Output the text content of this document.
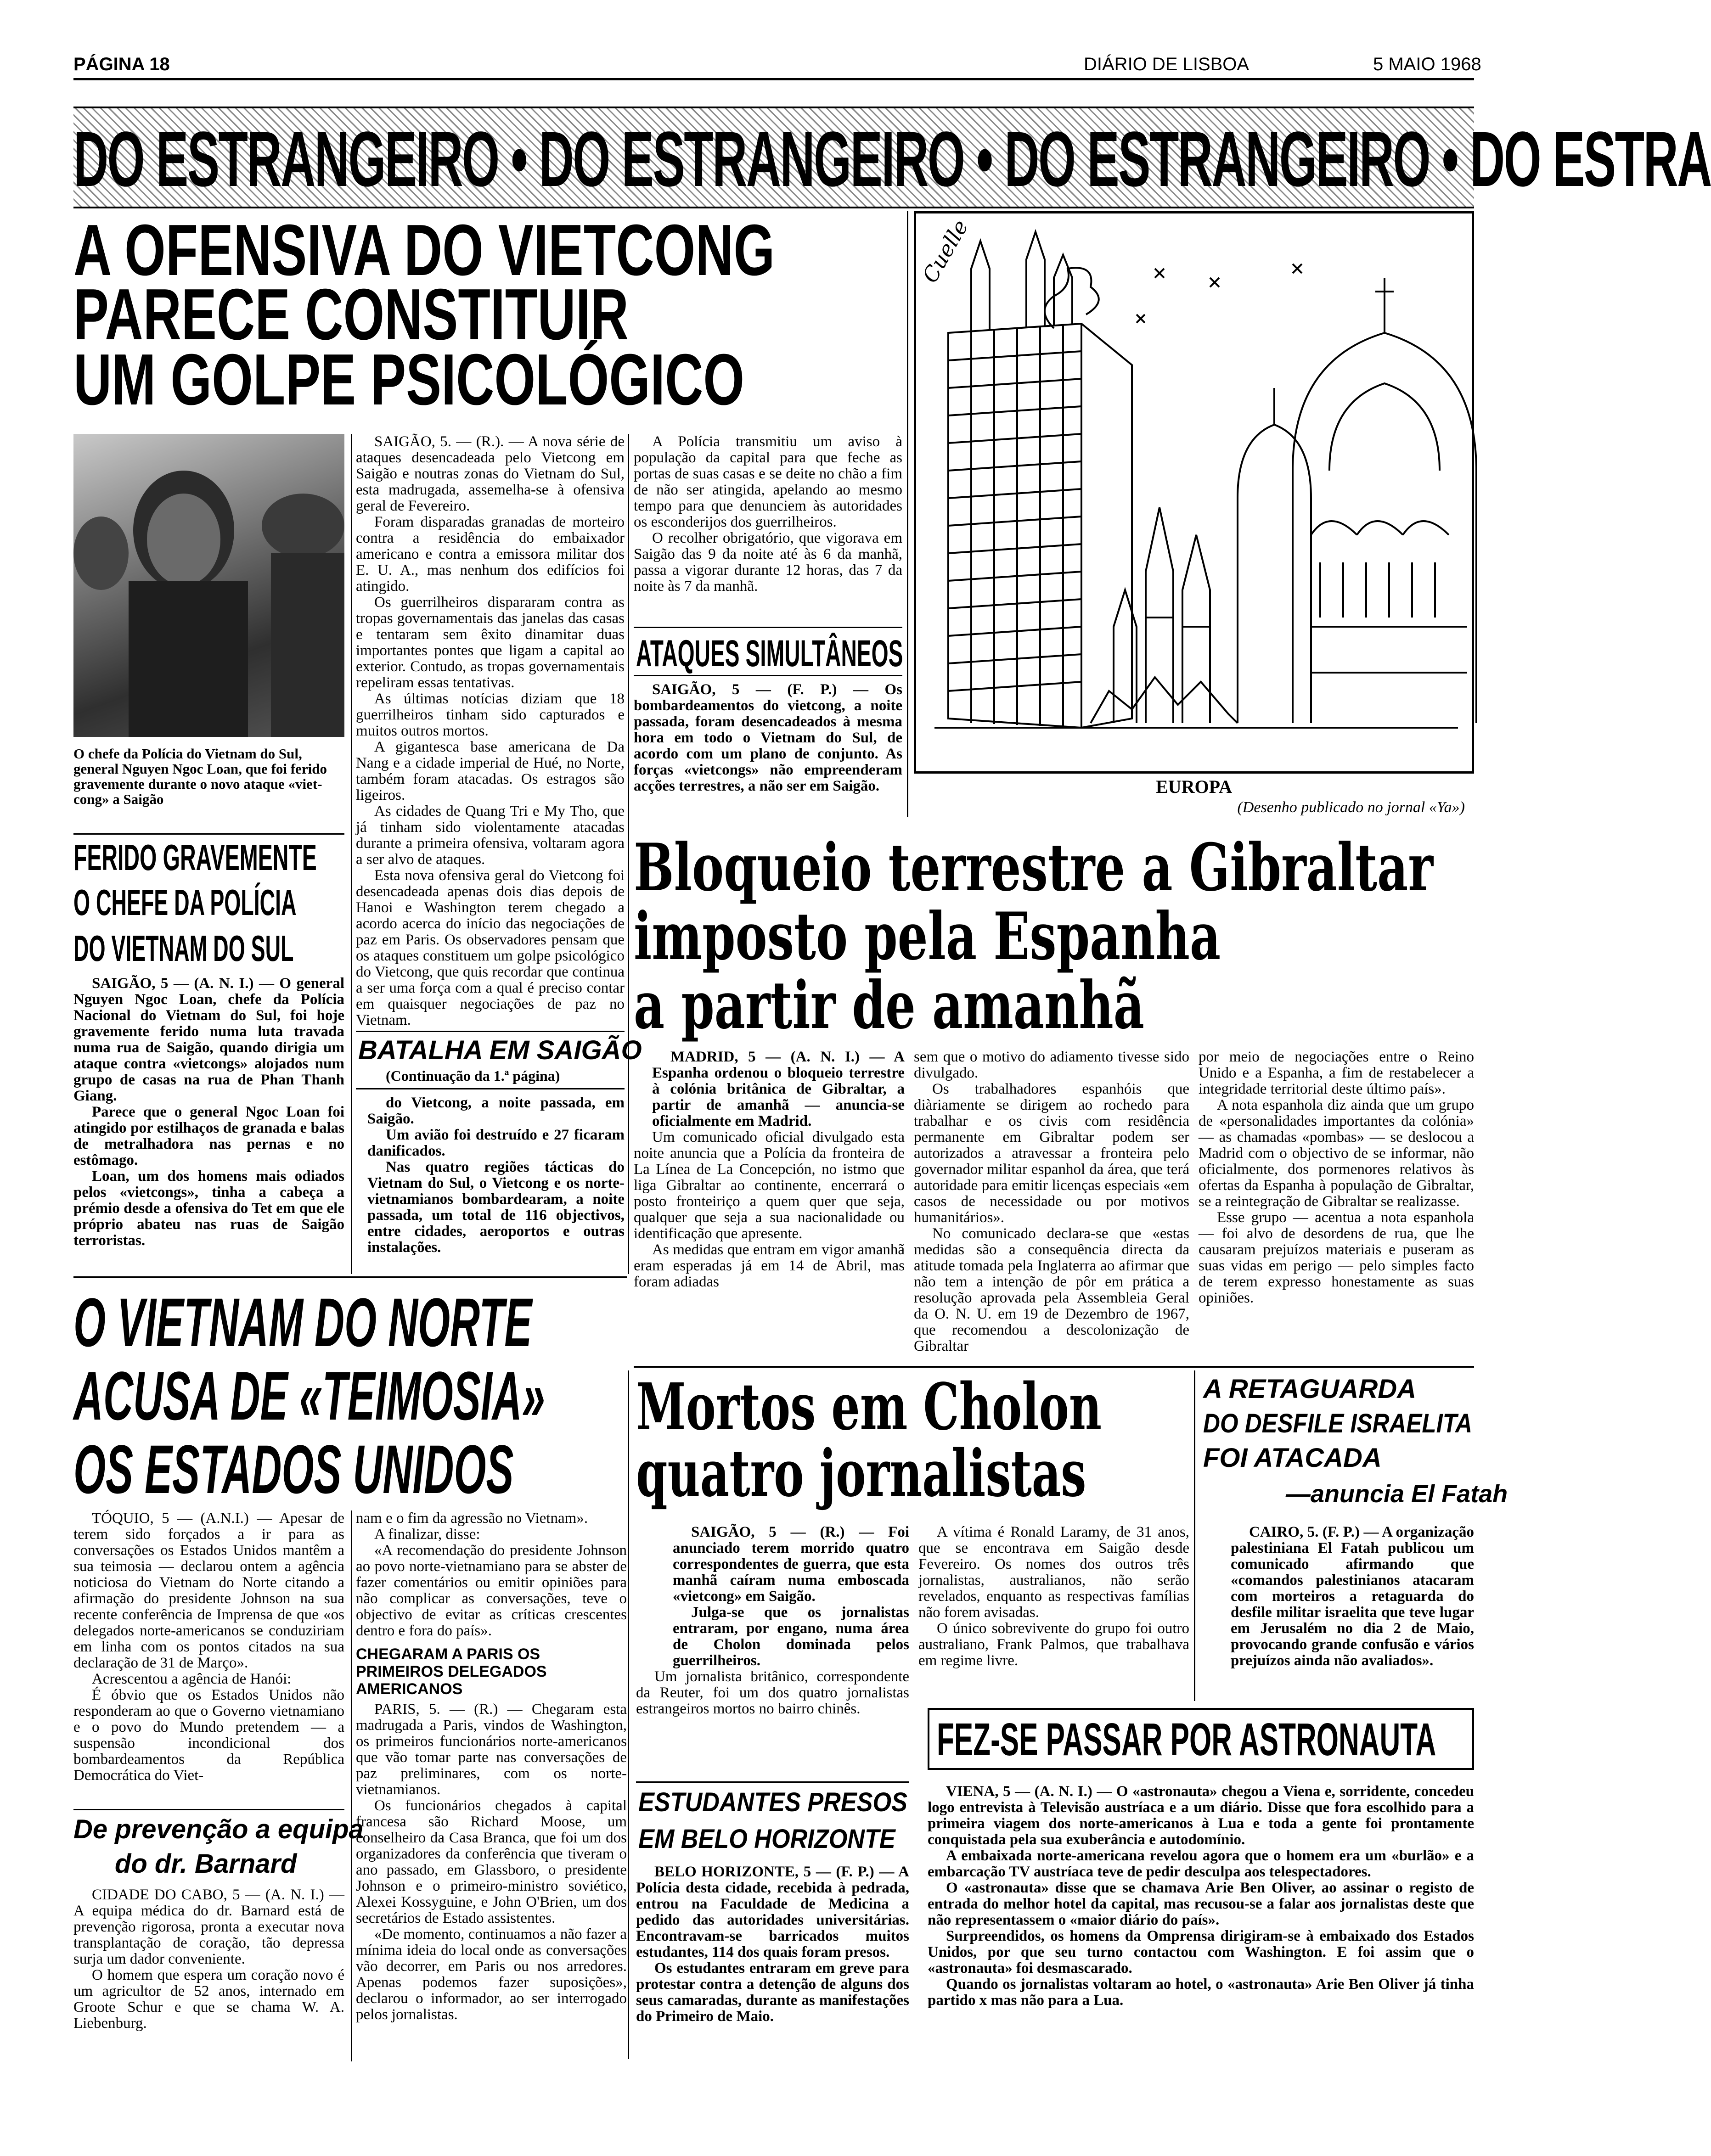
PÁGINA 18	DIÁRIO DE LISBOA	5 MAIO 1968
DO ESTRANGEIRO • DO ESTRANGEIRO • DO ESTRANGEIRO • DO ESTRA
A OFENSIVA DO VIETCONG
PARECE CONSTITUIR
UM GOLPE PSICOLÓGICO
O chefe da Polícia do Vietnam do Sul, general Nguyen Ngoc Loan, que foi ferido gravemente durante o novo ataque «viet-cong» a Saigão

SAIGÃO, 5. — (R.). — A nova série de ataques desencadeada pelo Vietcong em Saigão e noutras zonas do Vietnam do Sul, esta madrugada, assemelha-se à ofensiva geral de Fevereiro.

Foram disparadas granadas de morteiro contra a residência do embaixador americano e contra a emissora militar dos E. U. A., mas nenhum dos edifícios foi atingido.

Os guerrilheiros dispararam contra as tropas governamentais das janelas das casas e tentaram sem êxito dinamitar duas importantes pontes que ligam a capital ao exterior. Contudo, as tropas governamentais repeliram essas tentativas.

As últimas notícias diziam que 18 guerrilheiros tinham sido capturados e muitos outros mortos.

A gigantesca base americana de Da Nang e a cidade imperial de Hué, no Norte, também foram atacadas. Os estragos são ligeiros.

As cidades de Quang Tri e My Tho, que já tinham sido violentamente atacadas durante a primeira ofensiva, voltaram agora a ser alvo de ataques.

Esta nova ofensiva geral do Vietcong foi desencadeada apenas dois dias depois de Hanoi e Washington terem chegado a acordo acerca do início das negociações de paz em Paris. Os observadores pensam que os ataques constituem um golpe psicológico do Vietcong, que quis recordar que continua a ser uma força com a qual é preciso contar em quaisquer negociações de paz no Vietnam.

A Polícia transmitiu um aviso à população da capital para que feche as portas de suas casas e se deite no chão a fim de não ser atingida, apelando ao mesmo tempo para que denunciem às autoridades os esconderijos dos guerrilheiros.

O recolher obrigatório, que vigorava em Saigão das 9 da noite até às 6 da manhã, passa a vigorar durante 12 horas, das 7 da noite às 7 da manhã.

ATAQUES SIMULTÂNEOS

SAIGÃO, 5 — (F. P.) — Os bombardeamentos do vietcong, a noite passada, foram desencadeados à mesma hora em todo o Vietnam do Sul, de acordo com um plano de conjunto. As forças «vietcongs» não empreenderam acções terrestres, a não ser em Saigão.

Cuelle
EUROPA
(Desenho publicado no jornal «Ya»)
FERIDO GRAVEMENTE
O CHEFE DA POLÍCIA
DO VIETNAM DO SUL

SAIGÃO, 5 — (A. N. I.) — O general Nguyen Ngoc Loan, chefe da Polícia Nacional do Vietnam do Sul, foi hoje gravemente ferido numa luta travada numa rua de Saigão, quando dirigia um ataque contra «vietcongs» alojados num grupo de casas na rua de Phan Thanh Giang.

Parece que o general Ngoc Loan foi atingido por estilhaços de granada e balas de metralhadora nas pernas e no estômago.

Loan, um dos homens mais odiados pelos «vietcongs», tinha a cabeça a prémio desde a ofensiva do Tet em que ele próprio abateu nas ruas de Saigão terroristas.

BATALHA EM SAIGÃO
(Continuação da 1.ª página)

do Vietcong, a noite passada, em Saigão.

Um avião foi destruído e 27 ficaram danificados.

Nas quatro regiões tácticas do Vietnam do Sul, o Vietcong e os norte-vietnamianos bombardearam, a noite passada, um total de 116 objectivos, entre cidades, aeroportos e outras instalações.

Bloqueio terrestre a Gibraltar
imposto pela Espanha
a partir de amanhã

MADRID, 5 — (A. N. I.) — A Espanha ordenou o bloqueio terrestre à colónia britânica de Gibraltar, a partir de amanhã — anuncia-se oficialmente em Madrid.

Um comunicado oficial divulgado esta noite anuncia que a Polícia da fronteira de La Línea de La Concepción, no istmo que liga Gibraltar ao continente, encerrará o posto fronteiriço a quem quer que seja, qualquer que seja a sua nacionalidade ou identificação que apresente.

As medidas que entram em vigor amanhã eram esperadas já em 14 de Abril, mas foram adiadas

sem que o motivo do adiamento tivesse sido divulgado.

Os trabalhadores espanhóis que diàriamente se dirigem ao rochedo para trabalhar e os civis com residência permanente em Gibraltar podem ser autorizados a atravessar a fronteira pelo governador militar espanhol da área, que terá autoridade para emitir licenças especiais «em casos de necessidade ou por motivos humanitários».

No comunicado declara-se que «estas medidas são a consequência directa da atitude tomada pela Inglaterra ao afirmar que não tem a intenção de pôr em prática a resolução aprovada pela Assembleia Geral da O. N. U. em 19 de Dezembro de 1967, que recomendou a descolonização de Gibraltar

por meio de negociações entre o Reino Unido e a Espanha, a fim de restabelecer a integridade territorial deste último país».

A nota espanhola diz ainda que um grupo de «personalidades importantes da colónia» — as chamadas «pombas» — se deslocou a Madrid com o objectivo de se informar, não oficialmente, dos pormenores relativos às ofertas da Espanha à população de Gibraltar, se a reintegração de Gibraltar se realizasse.

Esse grupo — acentua a nota espanhola — foi alvo de desordens de rua, que lhe causaram prejuízos materiais e puseram as suas vidas em perigo — pelo simples facto de terem expresso honestamente as suas opiniões.

O VIETNAM DO NORTE
ACUSA DE «TEIMOSIA»
OS ESTADOS UNIDOS

TÓQUIO, 5 — (A.N.I.) — Apesar de terem sido forçados a ir para as conversações os Estados Unidos mantêm a sua teimosia — declarou ontem a agência noticiosa do Vietnam do Norte citando a afirmação do presidente Johnson na sua recente conferência de Imprensa de que «os delegados norte-americanos se conduziriam em linha com os pontos citados na sua declaração de 31 de Março».

Acrescentou a agência de Hanói:

É óbvio que os Estados Unidos não responderam ao que o Governo vietnamiano e o povo do Mundo pretendem — a suspensão incondicional dos bombardeamentos da República Democrática do Viet-

nam e o fim da agressão no Vietnam».

A finalizar, disse:

«A recomendação do presidente Johnson ao povo norte-vietnamiano para se abster de fazer comentários ou emitir opiniões para não complicar as conversações, teve o objectivo de evitar as críticas crescentes dentro e fora do país».

CHEGARAM A PARIS OS PRIMEIROS DELEGADOS AMERICANOS

PARIS, 5. — (R.) — Chegaram esta madrugada a Paris, vindos de Washington, os primeiros funcionários norte-americanos que vão tomar parte nas conversações de paz preliminares, com os norte-vietnamianos.

Os funcionários chegados à capital francesa são Richard Moose, um conselheiro da Casa Branca, que foi um dos organizadores da conferência que tiveram o ano passado, em Glassboro, o presidente Johnson e o primeiro-ministro soviético, Alexei Kossyguine, e John O'Brien, um dos secretários de Estado assistentes.

«De momento, continuamos a não fazer a mínima ideia do local onde as conversações vão decorrer, em Paris ou nos arredores. Apenas podemos fazer suposições», declarou o informador, ao ser interrogado pelos jornalistas.

De prevenção a equipa
do dr. Barnard

CIDADE DO CABO, 5 — (A. N. I.) — A equipa médica do dr. Barnard está de prevenção rigorosa, pronta a executar nova transplantação de coração, tão depressa surja um dador conveniente.

O homem que espera um coração novo é um agricultor de 52 anos, internado em Groote Schur e que se chama W. A. Liebenburg.

Mortos em Cholon
quatro jornalistas

SAIGÃO, 5 — (R.) — Foi anunciado terem morrido quatro correspondentes de guerra, que esta manhã caíram numa emboscada «vietcong» em Saigão.

Julga-se que os jornalistas entraram, por engano, numa área de Cholon dominada pelos guerrilheiros.

Um jornalista britânico, correspondente da Reuter, foi um dos quatro jornalistas estrangeiros mortos no bairro chinês.

A vítima é Ronald Laramy, de 31 anos, que se encontrava em Saigão desde Fevereiro. Os nomes dos outros três jornalistas, australianos, não serão revelados, enquanto as respectivas famílias não forem avisadas.

O único sobrevivente do grupo foi outro australiano, Frank Palmos, que trabalhava em regime livre.

A RETAGUARDA
DO DESFILE ISRAELITA
FOI ATACADA
—anuncia El Fatah

CAIRO, 5. (F. P.) — A organização palestiniana El Fatah publicou um comunicado afirmando que «comandos palestinianos atacaram com morteiros a retaguarda do desfile militar israelita que teve lugar em Jerusalém no dia 2 de Maio, provocando grande confusão e vários prejuízos ainda não avaliados».

ESTUDANTES PRESOS
EM BELO HORIZONTE

BELO HORIZONTE, 5 — (F. P.) — A Polícia desta cidade, recebida à pedrada, entrou na Faculdade de Medicina a pedido das autoridades universitárias. Encontravam-se barricados muitos estudantes, 114 dos quais foram presos.

Os estudantes entraram em greve para protestar contra a detenção de alguns dos seus camaradas, durante as manifestações do Primeiro de Maio.

FEZ-SE PASSAR POR ASTRONAUTA

VIENA, 5 — (A. N. I.) — O «astronauta» chegou a Viena e, sorridente, concedeu logo entrevista à Televisão austríaca e a um diário. Disse que fora escolhido para a primeira viagem dos norte-americanos à Lua e toda a gente foi prontamente conquistada pela sua exuberância e autodomínio.

A embaixada norte-americana revelou agora que o homem era um «burlão» e a embarcação TV austríaca teve de pedir desculpa aos telespectadores.

O «astronauta» disse que se chamava Arie Ben Oliver, ao assinar o registo de entrada do melhor hotel da capital, mas recusou-se a falar aos jornalistas deste que não representassem o «maior diário do país».

Surpreendidos, os homens da Omprensa dirigiram-se à embaixado dos Estados Unidos, por que seu turno contactou com Washington. E foi assim que o «astronauta» foi desmascarado.

Quando os jornalistas voltaram ao hotel, o «astronauta» Arie Ben Oliver já tinha partido x mas não para a Lua.
